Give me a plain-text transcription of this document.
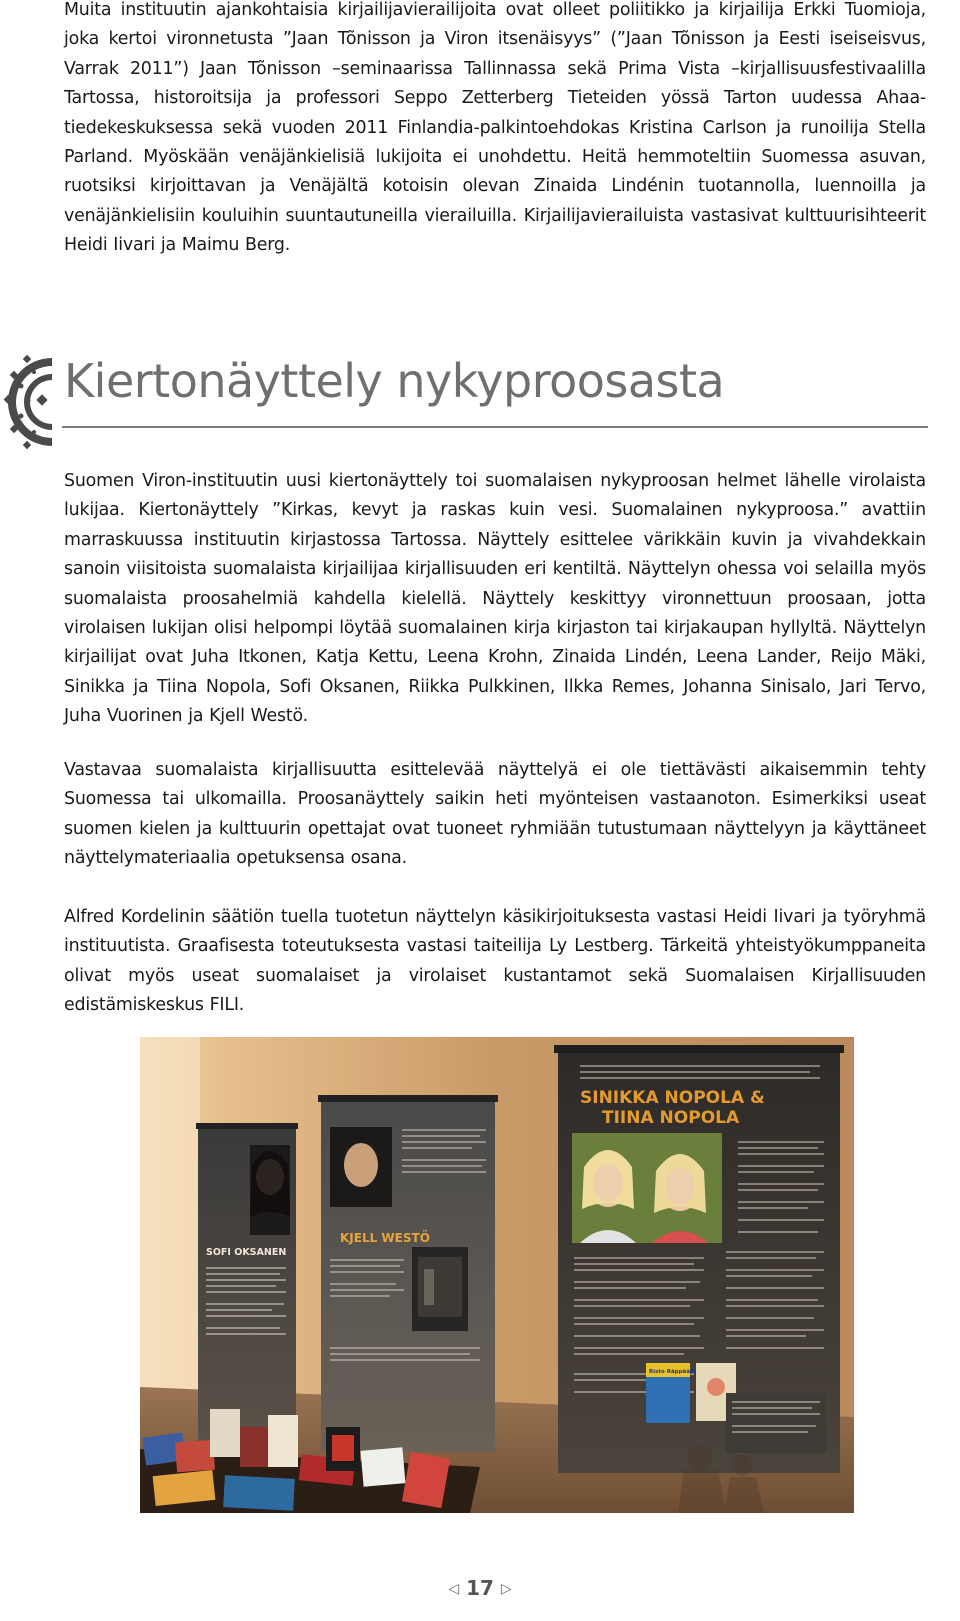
Muita instituutin ajankohtaisia kirjailijavierailijoita ovat olleet poliitikko ja kirjailija Erkki Tuomioja, joka kertoi vironnetusta ”Jaan Tõnisson ja Viron itsenäisyys” (”Jaan Tõnisson ja Eesti iseiseisvus, Varrak 2011”) Jaan Tõnisson –seminaarissa Tallinnassa sekä Prima Vista –kirjallisuusfestivaalilla Tartossa, historoitsija ja professori Seppo Zetterberg Tieteiden yössä Tarton uudessa Ahaa-tiedekeskuksessa sekä vuoden 2011 Finlandia-palkintoehdokas Kristina Carlson ja runoilija Stella Parland. Myöskään venäjänkielisiä lukijoita ei unohdettu. Heitä hemmoteltiin Suomessa asuvan, ruotsiksi kirjoittavan ja Venäjältä kotoisin olevan Zinaida Lindénin tuotannolla, luennoilla ja venäjänkielisiin kouluihin suuntautuneilla vierailuilla. Kirjailijavierailuista vastasivat kulttuurisihteerit Heidi Iivari ja Maimu Berg.

Kiertonäyttely nykyproosasta

Suomen Viron-instituutin uusi kiertonäyttely toi suomalaisen nykyproosan helmet lähelle virolaista lukijaa. Kiertonäyttely ”Kirkas, kevyt ja raskas kuin vesi. Suomalainen nykyproosa.” avattiin marraskuussa instituutin kirjastossa Tartossa. Näyttely esittelee värikkäin kuvin ja vivahdekkain sanoin viisitoista suomalaista kirjailijaa kirjallisuuden eri kentiltä. Näyttelyn ohessa voi selailla myös suomalaista proosahelmiä kahdella kielellä. Näyttely keskittyy vironnettuun proosaan, jotta virolaisen lukijan olisi helpompi löytää suomalainen kirja kirjaston tai kirjakaupan hyllyltä. Näyttelyn kirjailijat ovat Juha Itkonen, Katja Kettu, Leena Krohn, Zinaida Lindén, Leena Lander, Reijo Mäki, Sinikka ja Tiina Nopola, Sofi Oksanen, Riikka Pulkkinen, Ilkka Remes, Johanna Sinisalo, Jari Tervo, Juha Vuorinen ja Kjell Westö.

Vastavaa suomalaista kirjallisuutta esittelevää näyttelyä ei ole tiettävästi aikaisemmin tehty Suomessa tai ulkomailla. Proosanäyttely saikin heti myönteisen vastaanoton. Esimerkiksi useat suomen kielen ja kulttuurin opettajat ovat tuoneet ryhmiään tutustumaan näyttelyyn ja käyttäneet näyttelymateriaalia opetuksensa osana.

Alfred Kordelinin säätiön tuella tuotetun näyttelyn käsikirjoituksesta vastasi Heidi Iivari ja työryhmä instituutista. Graafisesta toteutuksesta vastasi taiteilija Ly Lestberg. Tärkeitä yhteistyökumppaneita olivat myös useat suomalaiset ja virolaiset kustantamot sekä Suomalaisen Kirjallisuuden edistämiskeskus FILI.

SOFI OKSANEN
KJELL WESTÖ
SINIKKA NOPOLA &
TIINA NOPOLA
Risto Räppääjä
◁ 17 ▷
